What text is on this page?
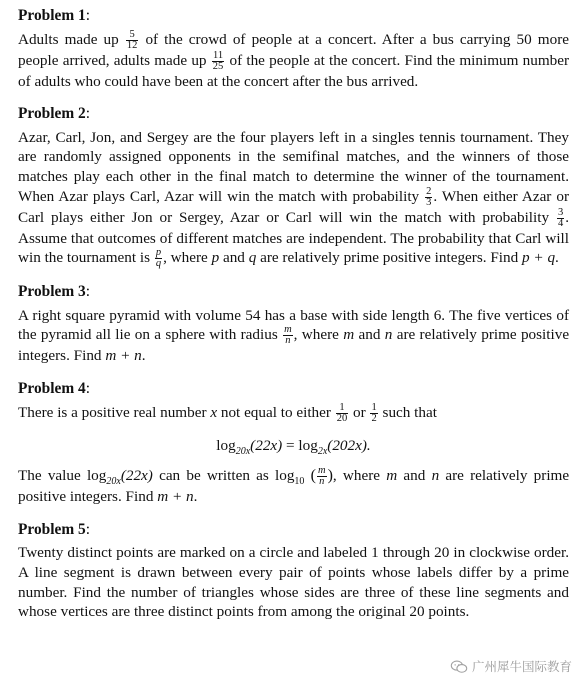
Problem 1:

Adults made up $\frac{5}{12}$ of the crowd of people at a concert. After a bus carrying 50 more people arrived, adults made up $\frac{11}{25}$ of the people at the concert. Find the minimum number of adults who could have been at the concert after the bus arrived.

Problem 2:

Azar, Carl, Jon, and Sergey are the four players left in a singles tennis tournament. They are randomly assigned opponents in the semifinal matches, and the winners of those matches play each other in the final match to determine the winner of the tournament. When Azar plays Carl, Azar will win the match with probability $\frac{2}{3}$ . When either Azar or Carl plays either Jon or Sergey, Azar or Carl will win the match with probability $\frac{3}{4}$ . Assume that outcomes of different matches are independent. The probability that Carl will win the tournament is $\frac{p}{q}$ , where p and q are relatively prime positive integers. Find p + q.

Problem 3:

A right square pyramid with volume 54 has a base with side length 6. The five vertices of the pyramid all lie on a sphere with radius $\frac{m}{n}$ , where m and n are relatively prime positive integers. Find m + n.

Problem 4:

There is a positive real number x not equal to either $\frac{1}{20}$ or $\frac{1}{2}$ such that

$\log_{20x}(22x) = \log_{2x}(202x)$.

The value $\log_{20x}(22x)$ can be written as $\log_{10}$ ( $\frac{m}{n}$ ), where m and n are relatively prime positive integers. Find m + n.

Problem 5:

Twenty distinct points are marked on a circle and labeled 1 through 20 in clockwise order. A line segment is drawn between every pair of points whose labels differ by a prime number. Find the number of triangles whose sides are three of these line segments and whose vertices are three distinct points from among the original 20 points.

广州犀牛国际教育
